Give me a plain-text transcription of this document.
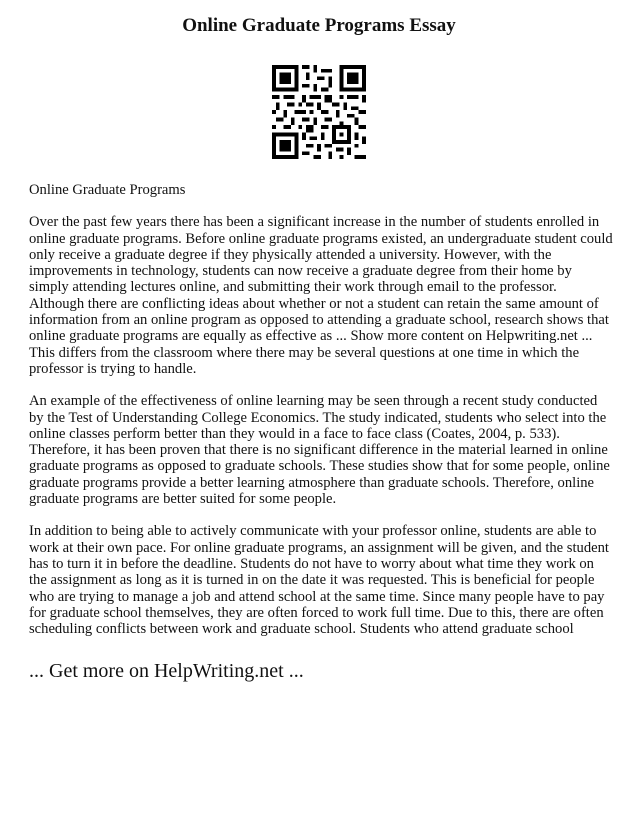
Online Graduate Programs Essay

Online Graduate Programs

Over the past few years there has been a significant increase in the number of students enrolled in online graduate programs. Before online graduate programs existed, an undergraduate student could only receive a graduate degree if they physically attended a university. However, with the improvements in technology, students can now receive a graduate degree from their home by simply attending lectures online, and submitting their work through email to the professor. Although there are conflicting ideas about whether or not a student can retain the same amount of information from an online program as opposed to attending a graduate school, research shows that online graduate programs are equally as effective as ... Show more content on Helpwriting.net ...

This differs from the classroom where there may be several questions at one time in which the professor is trying to handle.

An example of the effectiveness of online learning may be seen through a recent study conducted by the Test of Understanding College Economics. The study indicated, students who select into the online classes perform better than they would in a face to face class (Coates, 2004, p. 533). Therefore, it has been proven that there is no significant difference in the material learned in online graduate programs as opposed to graduate schools. These studies show that for some people, online graduate programs provide a better learning atmosphere than graduate schools. Therefore, online graduate programs are better suited for some people.

In addition to being able to actively communicate with your professor online, students are able to work at their own pace. For online graduate programs, an assignment will be given, and the student has to turn it in before the deadline. Students do not have to worry about what time they work on the assignment as long as it is turned in on the date it was requested. This is beneficial for people who are trying to manage a job and attend school at the same time. Since many people have to pay for graduate school themselves, they are often forced to work full time. Due to this, there are often scheduling conflicts between work and graduate school. Students who attend graduate school

... Get more on HelpWriting.net ...
